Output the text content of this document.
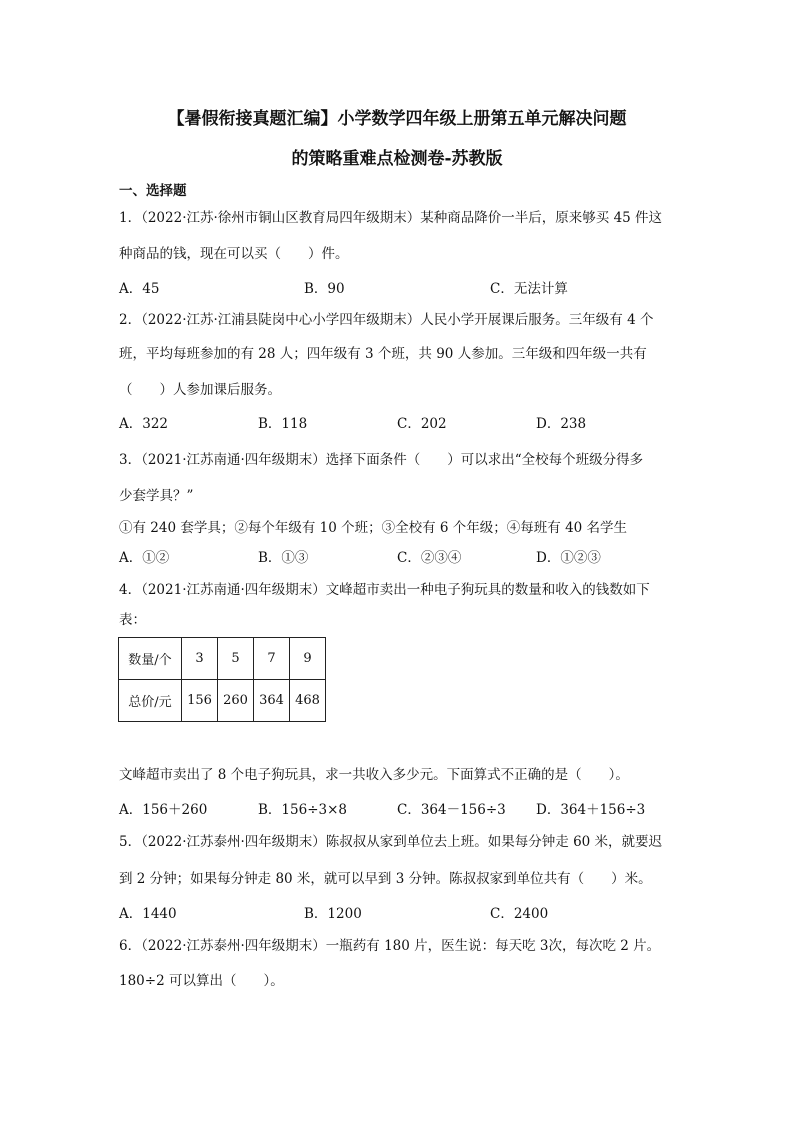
【暑假衔接真题汇编】小学数学四年级上册第五单元解决问题
的策略重难点检测卷-苏教版
一、选择题
1．（2022·江苏·徐州市铜山区教育局四年级期末）某种商品降价一半后，原来够买 45 件这
种商品的钱，现在可以买（　　）件。
A．45	B．90	C．无法计算
2．（2022·江苏·江浦县陡岗中心小学四年级期末）人民小学开展课后服务。三年级有 4 个
班，平均每班参加的有 28 人；四年级有 3 个班，共 90 人参加。三年级和四年级一共有
（　　）人参加课后服务。
A．322	B．118	C．202	D．238
3．（2021·江苏南通·四年级期末）选择下面条件（　　）可以求出“全校每个班级分得多
少套学具？”
①有 240 套学具；②每个年级有 10 个班；③全校有 6 个年级；④每班有 40 名学生
A．①②	B．①③	C．②③④	D．①②③
4．（2021·江苏南通·四年级期末）文峰超市卖出一种电子狗玩具的数量和收入的钱数如下
表：
数量/个	3	5	7	9
总价/元	156	260	364	468
文峰超市卖出了 8 个电子狗玩具，求一共收入多少元。下面算式不正确的是（　　）。
A．156＋260	B．156÷3×8	C．364－156÷3 D．364＋156÷3
5．（2022·江苏泰州·四年级期末）陈叔叔从家到单位去上班。如果每分钟走 60 米，就要迟
到 2 分钟；如果每分钟走 80 米，就可以早到 3 分钟。陈叔叔家到单位共有（　　）米。
A．1440	B．1200	C．2400
6．（2022·江苏泰州·四年级期末）一瓶药有 180 片，医生说：每天吃 3次，每次吃 2 片。
180÷2 可以算出（　　）。
